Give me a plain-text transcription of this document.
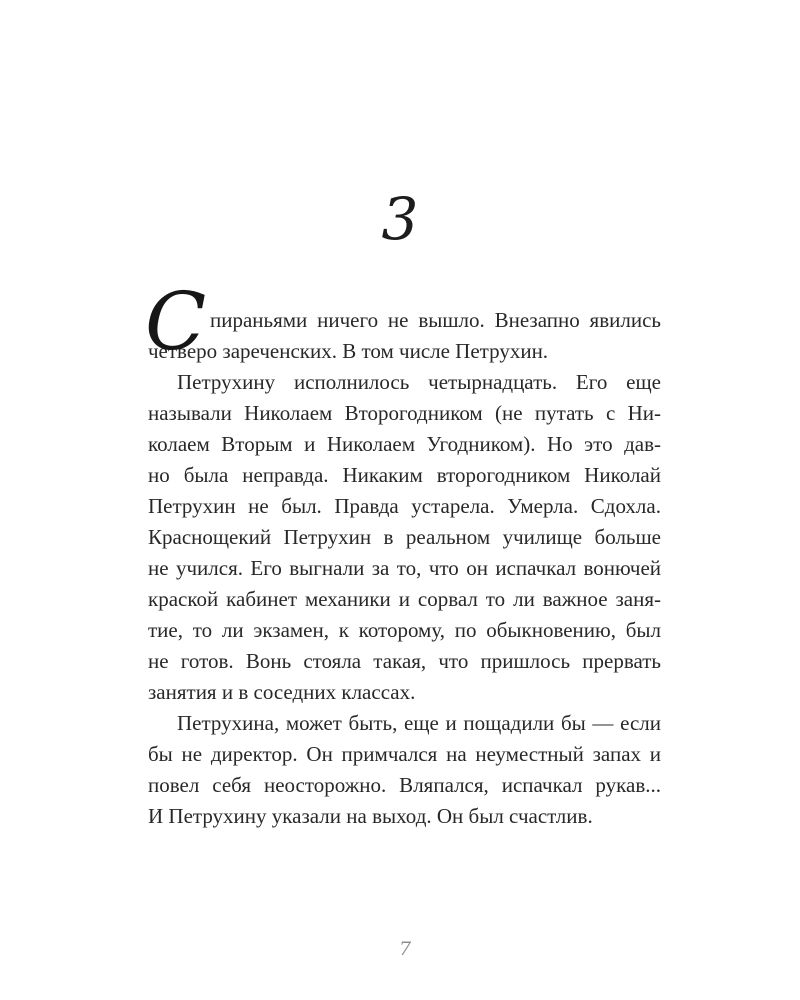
3
пираньями ничего не вышло. Внезапно явились
четверо зареченских. В том числе Петрухин.
С
Петрухину исполнилось четырнадцать. Его еще
называли Николаем Второгодником (не путать с Ни-
колаем Вторым и Николаем Угодником). Но это дав-
но была неправда. Никаким второгодником Николай
Петрухин не был. Правда устарела. Умерла. Сдохла.
Краснощекий Петрухин в реальном училище больше
не учился. Его выгнали за то, что он испачкал вонючей
краской кабинет механики и сорвал то ли важное заня-
тие, то ли экзамен, к которому, по обыкновению, был
не готов. Вонь стояла такая, что пришлось прервать
занятия и в соседних классах.
Петрухина, может быть, еще и пощадили бы — если
бы не директор. Он примчался на неуместный запах и
повел себя неосторожно. Вляпался, испачкал рукав...
И Петрухину указали на выход. Он был счастлив.
7
